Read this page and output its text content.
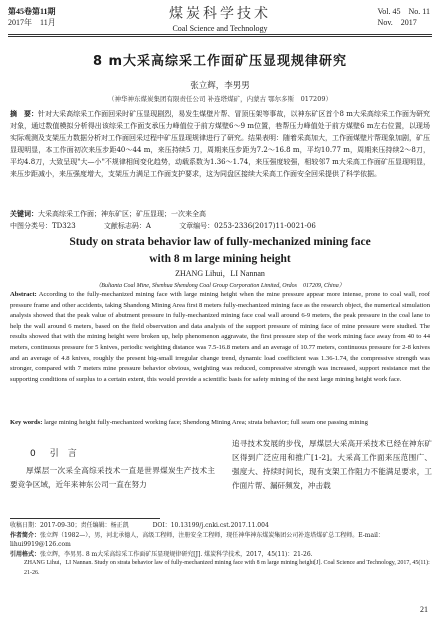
第45卷第11期
2017年　11月
煤炭科学技术
Coal Science and Technology
Vol. 45　No. 11
Nov.　2017
8 m大采高综采工作面矿压显现规律研究
张立辉，李男男
（神华神东煤炭集团有限责任公司 补连塔煤矿，内蒙古 鄂尔多斯　017209）
摘　要：针对大采高综采工作面回采时矿压显现剧烈，易发生煤壁片帮、冒顶压架等事故，以神东矿区首个8 m大采高综采工作面为研究对象，通过数值模拟分析得出该综采工作面支承压力峰值位于前方煤壁6～9 m位置，巷帮压力峰值处于前方煤壁6 m左右位置，以现场实际观测及支架压力数据分析对工作面回采过程中矿压显现规律进行了研究。结果表明：随着采高加大，工作面煤壁片帮现象加剧，矿压显现明显，本工作面初次来压步距40～44 m，来压持续5 刀，周期来压步距为7.2～16.8 m，平均10.77 m，周期来压持续2～8刀，平均4.8刀，大致呈现"大—小"不规律相间变化趋势，动载系数为1.36～1.74，来压强度较强，相较邻7 m大采高工作面矿压显现明显，来压步距减小，来压强度增大，支架压力满足工作面支护要求，这为同盘区接续大采高工作面安全回采提供了科学依据。
关键词：大采高综采工作面；神东矿区；矿压显现；一次来全高
中图分类号：TD323	文献标志码：A	文章编号：0253-2336(2017)11-0021-06
Study on strata behavior law of fully-mechanized mining face
with 8 m large mining height
ZHANG Lihui，LI Nannan
（Bulianta Coal Mine, Shenhua Shendong Coal Group Corporation Limited, Ordos　017209, China）
Abstract: According to the fully-mechanized mining face with large mining height when the mine pressure appear more intense, prone to coal wall, roof pressure frame and other accidents, taking Shandong Mining Area first 8 meters fully-mechanized mining face as the research object, the numerical simulation analysis showed that the peak value of abutment pressure in fully-mechanized mining face coal wall around 6-9 meters, the peak pressure in the coal lane to help the wall around 6 meters, based on the field observation and data analysis of the support pressure of mining face of mine pressure were studied. The results showed that with the mining height were broken up, help phenomenon aggravate, the first pressure step of the work mining face away from 40 to 44 meters, continuous pressure for 5 knives, periodic weighting distance was 7.5-16.8 meters and an average of 10.77 meters, continuous pressure for 2-8 knives and an average of 4.8 knives, roughly the present big-small irregular change trend, dynamic load coefficient was 1.36-1.74, the compressive strength was stronger, compared with 7 meters mine pressure behavior obvious, weighting was reduced, compressive strength was increased, support resistance met the supporting conditions of surplus to a certain extent, this would provide a scientific basis for safety mining of the next large mining height work face.
Key words: large mining height fully-mechanized working face; Shendong Mining Area; strata behavior; full seam one passing mining
0 引　言
厚煤层一次采全高综采技术一直是世界煤炭生产技术主要竞争区域，近年来神东公司一直在努力
追寻技术发展的步伐，厚煤层大采高开采技术已经在神东矿区得到广泛应用和推广[1-2]。大采高工作面来压范围广、强度大、持续时间长，现有支架工作阻力不能满足要求，工作面片帮、漏矸频发，冲击载
收稿日期：2017-09-30；责任编辑：杨正凯　　　　	DOI：10.13199/j.cnki.cst.2017.11.004
作者简介：张立辉（1982—），男，河北承德人，高级工程师，注册安全工程师，现任神华神东煤炭集团公司补连塔煤矿总工程师。E-mail：lihui9919@126.com
引用格式：张立辉，李男男. 8 m大采高综采工作面矿压显现规律研究[J]. 煤炭科学技术，2017，45(11)：21-26.
ZHANG Lihui，LI Nannan. Study on strata behavior law of fully-mechanized mining face with 8 m large mining height[J]. Coal Science and Technology, 2017, 45(11): 21-26.
21
